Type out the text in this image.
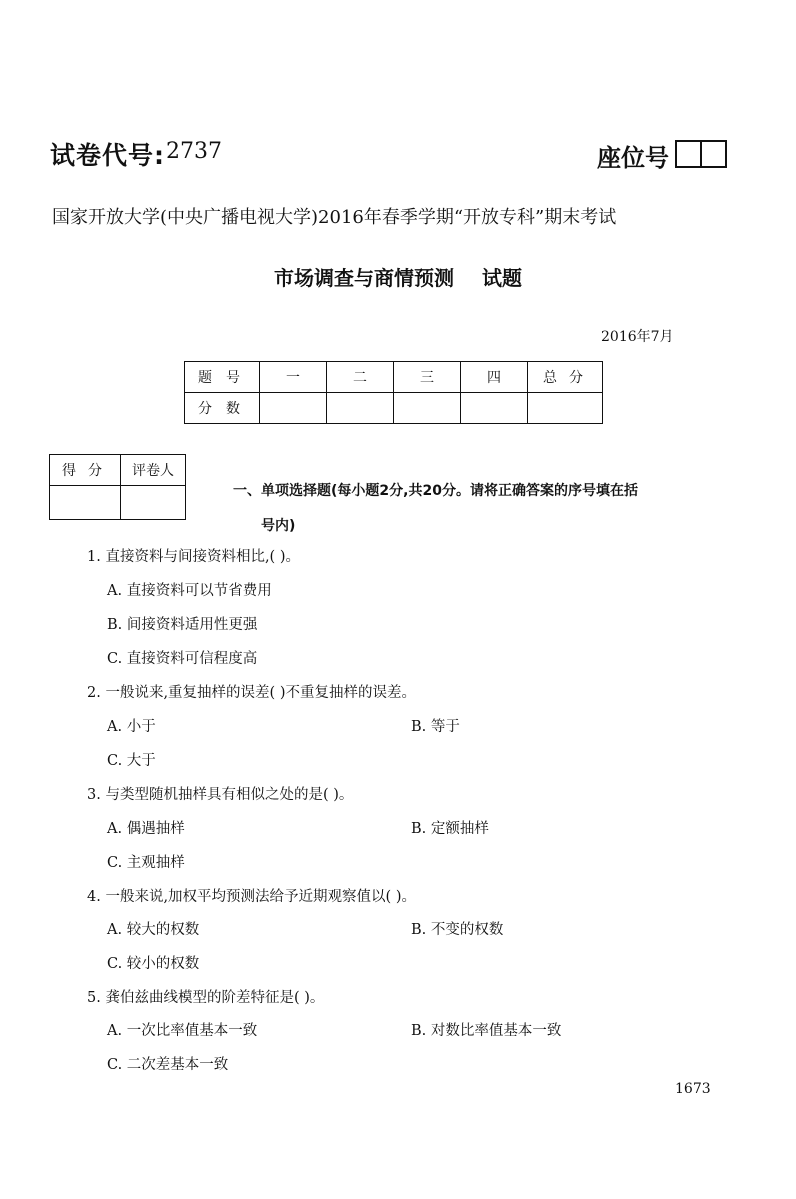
试卷代号: 2737	座位号
国家开放大学(中央广播电视大学)2016年春季学期“开放专科”期末考试
市场调查与商情预测 试题
2016年7月
题号	一	二	三	四	总分
分数					
得分	评卷人

一、单项选择题(每小题2分,共20分。请将正确答案的序号填在括
号内)
1. 直接资料与间接资料相比,( )。
A. 直接资料可以节省费用
B. 间接资料适用性更强
C. 直接资料可信程度高
2. 一般说来,重复抽样的误差( )不重复抽样的误差。
A. 小于	B. 等于
C. 大于
3. 与类型随机抽样具有相似之处的是( )。
A. 偶遇抽样	B. 定额抽样
C. 主观抽样
4. 一般来说,加权平均预测法给予近期观察值以( )。
A. 较大的权数	B. 不变的权数
C. 较小的权数
5. 龚伯兹曲线模型的阶差特征是( )。
A. 一次比率值基本一致	B. 对数比率值基本一致
C. 二次差基本一致
1673
